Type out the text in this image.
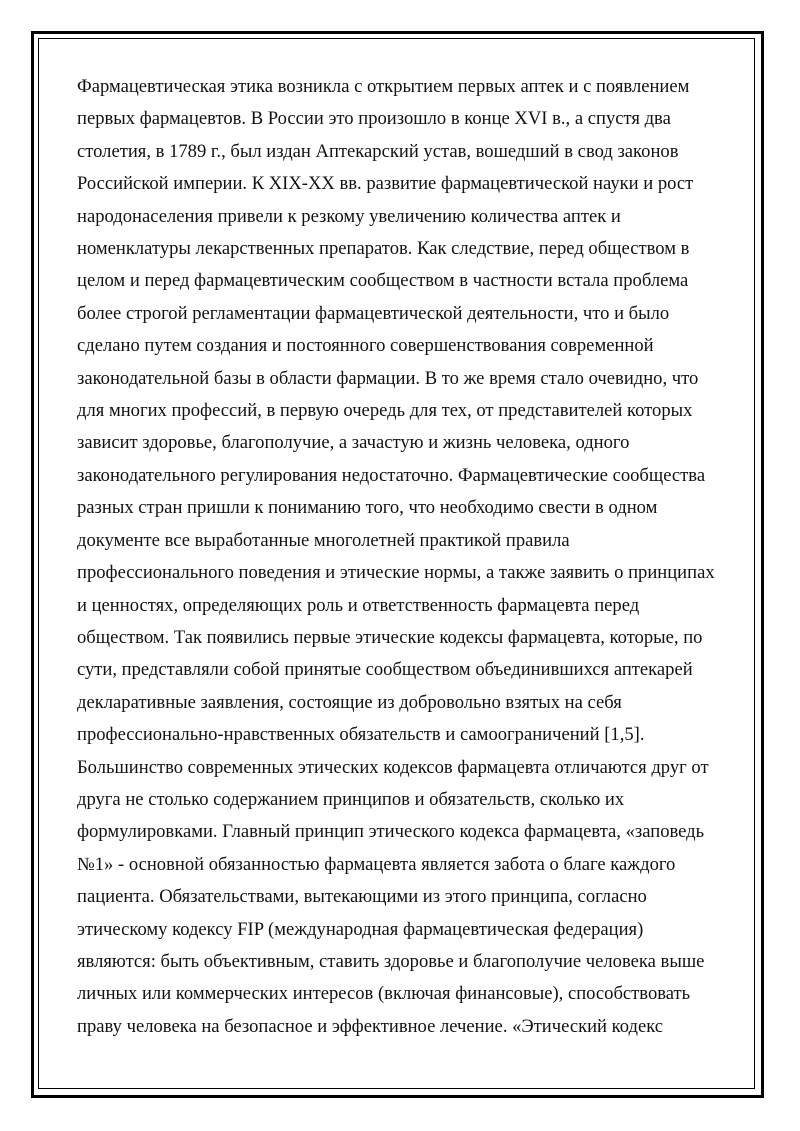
Фармацевтическая этика возникла с открытием первых аптек и с появлением
первых фармацевтов. В России это произошло в конце XVI в., а спустя два
столетия, в 1789 г., был издан Аптекарский устав, вошедший в свод законов
Российской империи. К XIX-XX вв. развитие фармацевтической науки и рост
народонаселения привели к резкому увеличению количества аптек и
номенклатуры лекарственных препаратов. Как следствие, перед обществом в
целом и перед фармацевтическим сообществом в частности встала проблема
более строгой регламентации фармацевтической деятельности, что и было
сделано путем создания и постоянного совершенствования современной
законодательной базы в области фармации. В то же время стало очевидно, что
для многих профессий, в первую очередь для тех, от представителей которых
зависит здоровье, благополучие, а зачастую и жизнь человека, одного
законодательного регулирования недостаточно. Фармацевтические сообщества
разных стран пришли к пониманию того, что необходимо свести в одном
документе все выработанные многолетней практикой правила
профессионального поведения и этические нормы, а также заявить о принципах
и ценностях, определяющих роль и ответственность фармацевта перед
обществом. Так появились первые этические кодексы фармацевта, которые, по
сути, представляли собой принятые сообществом объединившихся аптекарей
декларативные заявления, состоящие из добровольно взятых на себя
профессионально-нравственных обязательств и самоограничений [1,5].
Большинство современных этических кодексов фармацевта отличаются друг от
друга не столько содержанием принципов и обязательств, сколько их
формулировками. Главный принцип этического кодекса фармацевта, «заповедь
№1» - основной обязанностью фармацевта является забота о благе каждого
пациента. Обязательствами, вытекающими из этого принципа, согласно
этическому кодексу FIP (международная фармацевтическая федерация)
являются: быть объективным, ставить здоровье и благополучие человека выше
личных или коммерческих интересов (включая финансовые), способствовать
праву человека на безопасное и эффективное лечение. «Этический кодекс
